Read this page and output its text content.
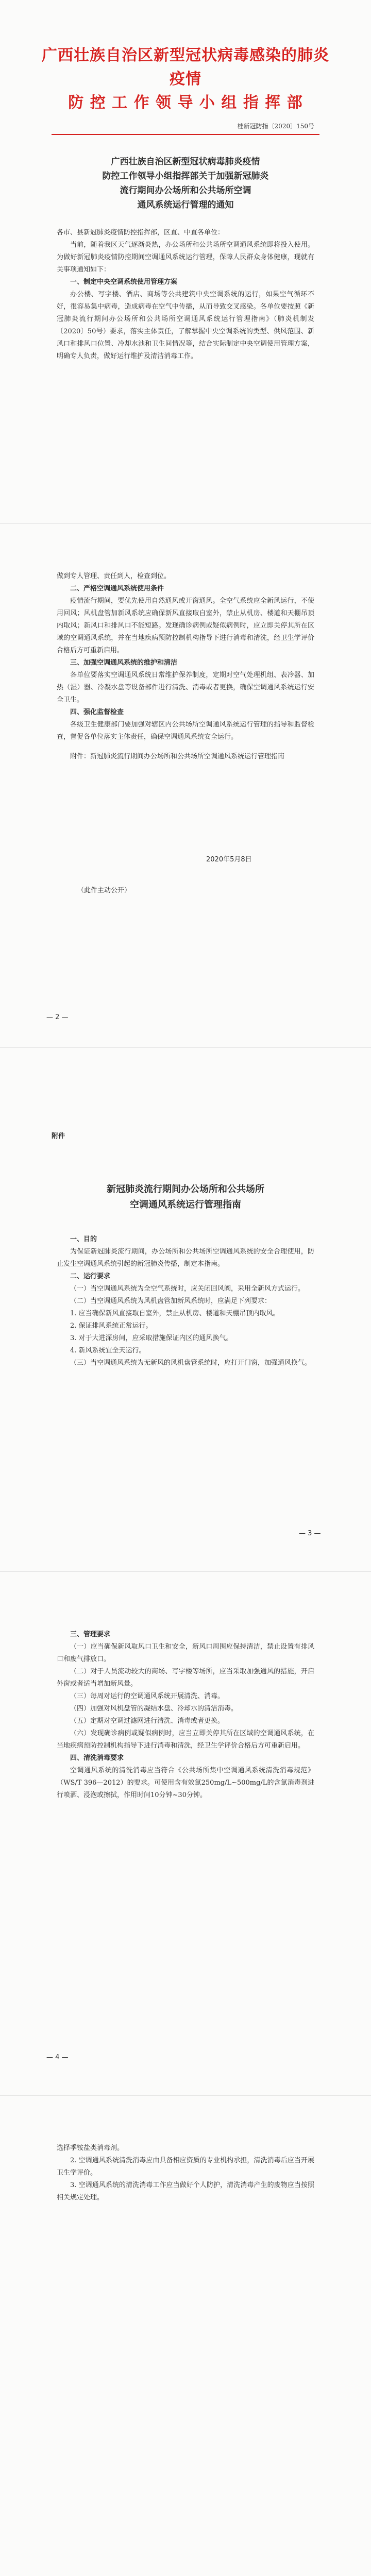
广西壮族自治区新型冠状病毒感染的肺炎疫情
防 控 工 作 领 导 小 组 指 挥 部
桂新冠防指〔2020〕150号
广西壮族自治区新型冠状病毒肺炎疫情
防控工作领导小组指挥部关于加强新冠肺炎
流行期间办公场所和公共场所空调
通风系统运行管理的通知

各市、县新冠肺炎疫情防控指挥部，区直、中直各单位：

当前，随着我区天气逐渐炎热，办公场所和公共场所空调通风系统即将投入使用。为做好新冠肺炎疫情防控期间空调通风系统运行管理，保障人民群众身体健康，现就有关事项通知如下：

一、制定中央空调系统使用管理方案

办公楼、写字楼、酒店、商场等公共建筑中央空调系统的运行，如果空气循环不好，很容易集中病毒，造成病毒在空气中传播，从而导致交叉感染。各单位要按照《新冠肺炎流行期间办公场所和公共场所空调通风系统运行管理指南》（肺炎机制发〔2020〕50号）要求，落实主体责任，了解掌握中央空调系统的类型、供风范围、新风口和排风口位置、冷却水池和卫生间情况等，结合实际制定中央空调使用管理方案，明确专人负责，做好运行维护及清洁消毒工作。

做到专人管理、责任到人，检查到位。

二、严格空调通风系统使用条件

疫情流行期间，要优先使用自然通风或开窗通风。全空气系统应全新风运行，不使用回风；风机盘管加新风系统应确保新风直接取自室外，禁止从机房、楼道和天棚吊顶内取风；新风口和排风口不能短路。发现确诊病例或疑似病例时，应立即关停其所在区域的空调通风系统，并在当地疾病预防控制机构指导下进行消毒和清洗，经卫生学评价合格后方可重新启用。

三、加强空调通风系统的维护和清洁

各单位要落实空调通风系统日常维护保养制度，定期对空气处理机组、表冷器、加热（湿）器、冷凝水盘等设备部件进行清洗、消毒或者更换，确保空调通风系统运行安全卫生。

四、强化监督检查

各级卫生健康部门要加强对辖区内公共场所空调通风系统运行管理的指导和监督检查，督促各单位落实主体责任，确保空调通风系统安全运行。

附件：新冠肺炎流行期间办公场所和公共场所空调通风系统运行管理指南

2020年5月8日
（此件主动公开）
— 2 —
附件
新冠肺炎流行期间办公场所和公共场所
空调通风系统运行管理指南

一、目的

为保证新冠肺炎流行期间，办公场所和公共场所空调通风系统的安全合理使用，防止发生空调通风系统引起的新冠肺炎传播，制定本指南。

二、运行要求

（一）当空调通风系统为全空气系统时，应关闭回风阀，采用全新风方式运行。

（二）当空调通风系统为风机盘管加新风系统时，应满足下列要求：

1. 应当确保新风直接取自室外，禁止从机房、楼道和天棚吊顶内取风。

2. 保证排风系统正常运行。

3. 对于大进深房间，应采取措施保证内区的通风换气。

4. 新风系统宜全天运行。

（三）当空调通风系统为无新风的风机盘管系统时，应打开门窗，加强通风换气。

— 3 —

三、管理要求

（一）应当确保新风取风口卫生和安全，新风口周围应保持清洁，禁止设置有排风口和废气排放口。

（二）对于人员流动较大的商场、写字楼等场所，应当采取加强通风的措施，开启外窗或者适当增加新风量。

（三）每周对运行的空调通风系统开展清洗、消毒。

（四）加强对风机盘管的凝结水盘、冷却水的清洁消毒。

（五）定期对空调过滤网进行清洗、消毒或者更换。

（六）发现确诊病例或疑似病例时，应当立即关停其所在区域的空调通风系统，在当地疾病预防控制机构指导下进行消毒和清洗，经卫生学评价合格后方可重新启用。

四、清洗消毒要求

空调通风系统的清洗消毒应当符合《公共场所集中空调通风系统清洗消毒规范》（WS/T 396—2012）的要求。可使用含有效氯250mg/L~500mg/L的含氯消毒剂进行喷洒、浸泡或擦拭，作用时间10分钟~30分钟。

— 4 —

选择季铵盐类消毒剂。

2. 空调通风系统清洗消毒应由具备相应资质的专业机构承担，清洗消毒后应当开展卫生学评价。

3. 空调通风系统的清洗消毒工作应当做好个人防护，清洗消毒产生的废物应当按照相关规定处理。
